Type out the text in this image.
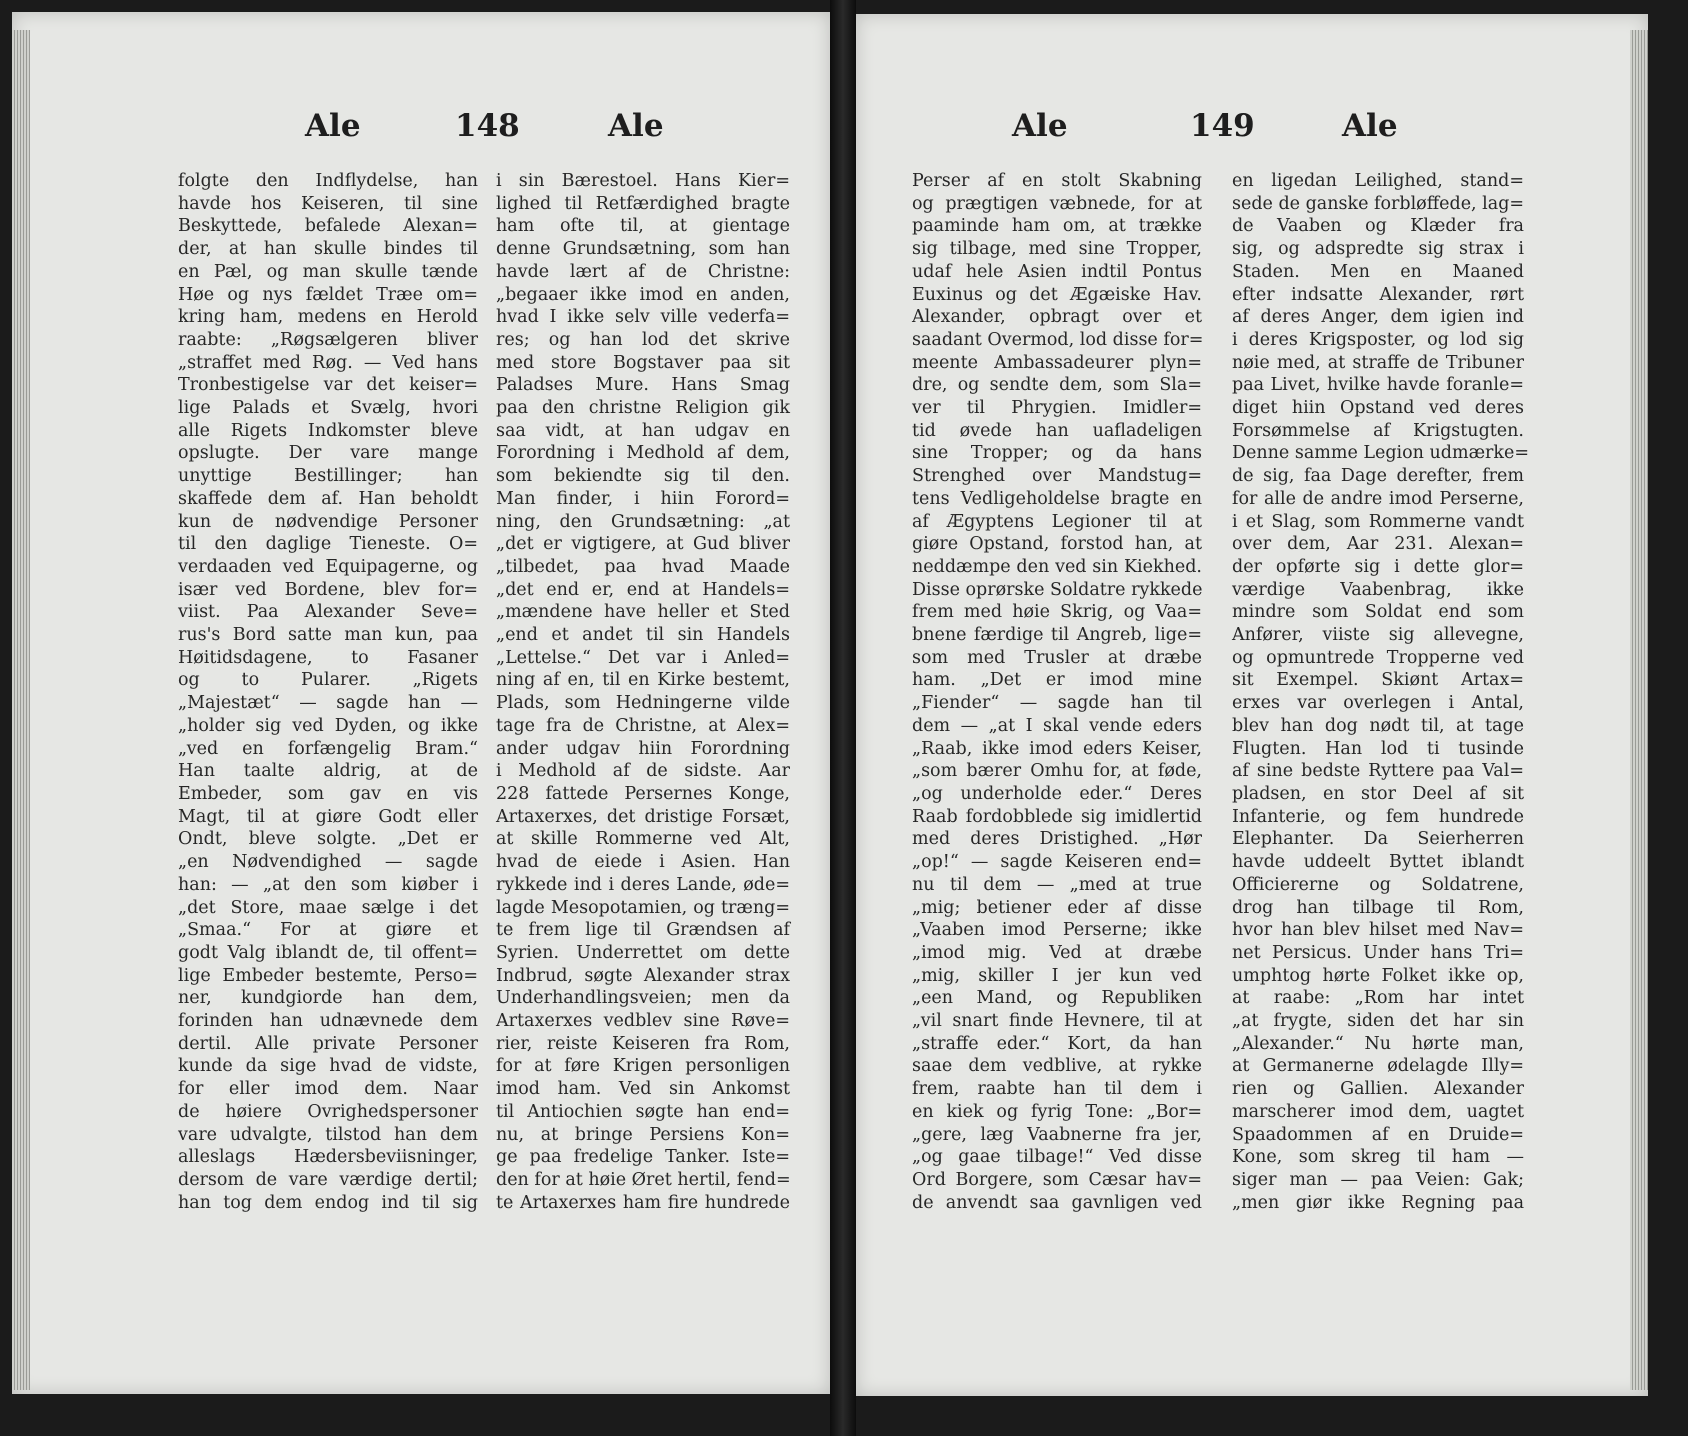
Ale	148	Ale	Ale	149	Ale
folgte den Indflydelse, han
havde hos Keiseren, til sine
Beskyttede, befalede Alexan=
der, at han skulle bindes til
en Pæl, og man skulle tænde
Høe og nys fældet Træe om=
kring ham, medens en Herold
raabte: „Røgsælgeren bliver
„straffet med Røg. — Ved hans
Tronbestigelse var det keiser=
lige Palads et Svælg, hvori
alle Rigets Indkomster bleve
opslugte. Der vare mange
unyttige Bestillinger; han
skaffede dem af. Han beholdt
kun de nødvendige Personer
til den daglige Tieneste. O=
verdaaden ved Equipagerne, og
især ved Bordene, blev for=
viist. Paa Alexander Seve=
rus's Bord satte man kun, paa
Høitidsdagene, to Fasaner
og to Pularer. „Rigets
„Majestæt“ — sagde han —
„holder sig ved Dyden, og ikke
„ved en forfængelig Bram.“
Han taalte aldrig, at de
Embeder, som gav en vis
Magt, til at giøre Godt eller
Ondt, bleve solgte. „Det er
„en Nødvendighed — sagde
han: — „at den som kiøber i
„det Store, maae sælge i det
„Smaa.“ For at giøre et
godt Valg iblandt de, til offent=
lige Embeder bestemte, Perso=
ner, kundgiorde han dem,
forinden han udnævnede dem
dertil. Alle private Personer
kunde da sige hvad de vidste,
for eller imod dem. Naar
de høiere Ovrighedspersoner
vare udvalgte, tilstod han dem
alleslags Hædersbeviisninger,
dersom de vare værdige dertil;
han tog dem endog ind til sig
i sin Bærestoel. Hans Kier=
lighed til Retfærdighed bragte
ham ofte til, at gientage
denne Grundsætning, som han
havde lært af de Christne:
„begaaer ikke imod en anden,
hvad I ikke selv ville vederfa=
res; og han lod det skrive
med store Bogstaver paa sit
Paladses Mure. Hans Smag
paa den christne Religion gik
saa vidt, at han udgav en
Forordning i Medhold af dem,
som bekiendte sig til den.
Man finder, i hiin Forord=
ning, den Grundsætning: „at
„det er vigtigere, at Gud bliver
„tilbedet, paa hvad Maade
„det end er, end at Handels=
„mændene have heller et Sted
„end et andet til sin Handels
„Lettelse.“ Det var i Anled=
ning af en, til en Kirke bestemt,
Plads, som Hedningerne vilde
tage fra de Christne, at Alex=
ander udgav hiin Forordning
i Medhold af de sidste. Aar
228 fattede Persernes Konge,
Artaxerxes, det dristige Forsæt,
at skille Rommerne ved Alt,
hvad de eiede i Asien. Han
rykkede ind i deres Lande, øde=
lagde Mesopotamien, og træng=
te frem lige til Grændsen af
Syrien. Underrettet om dette
Indbrud, søgte Alexander strax
Underhandlingsveien; men da
Artaxerxes vedblev sine Røve=
rier, reiste Keiseren fra Rom,
for at føre Krigen personligen
imod ham. Ved sin Ankomst
til Antiochien søgte han end=
nu, at bringe Persiens Kon=
ge paa fredelige Tanker. Iste=
den for at høie Øret hertil, fend=
te Artaxerxes ham fire hundrede
Perser af en stolt Skabning
og prægtigen væbnede, for at
paaminde ham om, at trække
sig tilbage, med sine Tropper,
udaf hele Asien indtil Pontus
Euxinus og det Ægæiske Hav.
Alexander, opbragt over et
saadant Overmod, lod disse for=
meente Ambassadeurer plyn=
dre, og sendte dem, som Sla=
ver til Phrygien. Imidler=
tid øvede han uafladeligen
sine Tropper; og da hans
Strenghed over Mandstug=
tens Vedligeholdelse bragte en
af Ægyptens Legioner til at
giøre Opstand, forstod han, at
neddæmpe den ved sin Kiekhed.
Disse oprørske Soldatre rykkede
frem med høie Skrig, og Vaa=
bnene færdige til Angreb, lige=
som med Trusler at dræbe
ham. „Det er imod mine
„Fiender“ — sagde han til
dem — „at I skal vende eders
„Raab, ikke imod eders Keiser,
„som bærer Omhu for, at føde,
„og underholde eder.“ Deres
Raab fordobblede sig imidlertid
med deres Dristighed. „Hør
„op!“ — sagde Keiseren end=
nu til dem — „med at true
„mig; betiener eder af disse
„Vaaben imod Perserne; ikke
„imod mig. Ved at dræbe
„mig, skiller I jer kun ved
„een Mand, og Republiken
„vil snart finde Hevnere, til at
„straffe eder.“ Kort, da han
saae dem vedblive, at rykke
frem, raabte han til dem i
en kiek og fyrig Tone: „Bor=
„gere, læg Vaabnerne fra jer,
„og gaae tilbage!“ Ved disse
Ord Borgere, som Cæsar hav=
de anvendt saa gavnligen ved
en ligedan Leilighed, stand=
sede de ganske forbløffede, lag=
de Vaaben og Klæder fra
sig, og adspredte sig strax i
Staden. Men en Maaned
efter indsatte Alexander, rørt
af deres Anger, dem igien ind
i deres Krigsposter, og lod sig
nøie med, at straffe de Tribuner
paa Livet, hvilke havde foranle=
diget hiin Opstand ved deres
Forsømmelse af Krigstugten.
Denne samme Legion udmærke=
de sig, faa Dage derefter, frem
for alle de andre imod Perserne,
i et Slag, som Rommerne vandt
over dem, Aar 231. Alexan=
der opførte sig i dette glor=
værdige Vaabenbrag, ikke
mindre som Soldat end som
Anfører, viiste sig allevegne,
og opmuntrede Tropperne ved
sit Exempel. Skiønt Artax=
erxes var overlegen i Antal,
blev han dog nødt til, at tage
Flugten. Han lod ti tusinde
af sine bedste Ryttere paa Val=
pladsen, en stor Deel af sit
Infanterie, og fem hundrede
Elephanter. Da Seierherren
havde uddeelt Byttet iblandt
Officiererne og Soldatrene,
drog han tilbage til Rom,
hvor han blev hilset med Nav=
net Persicus. Under hans Tri=
umphtog hørte Folket ikke op,
at raabe: „Rom har intet
„at frygte, siden det har sin
„Alexander.“ Nu hørte man,
at Germanerne ødelagde Illy=
rien og Gallien. Alexander
marscherer imod dem, uagtet
Spaadommen af en Druide=
Kone, som skreg til ham —
siger man — paa Veien: Gak;
„men giør ikke Regning paa
